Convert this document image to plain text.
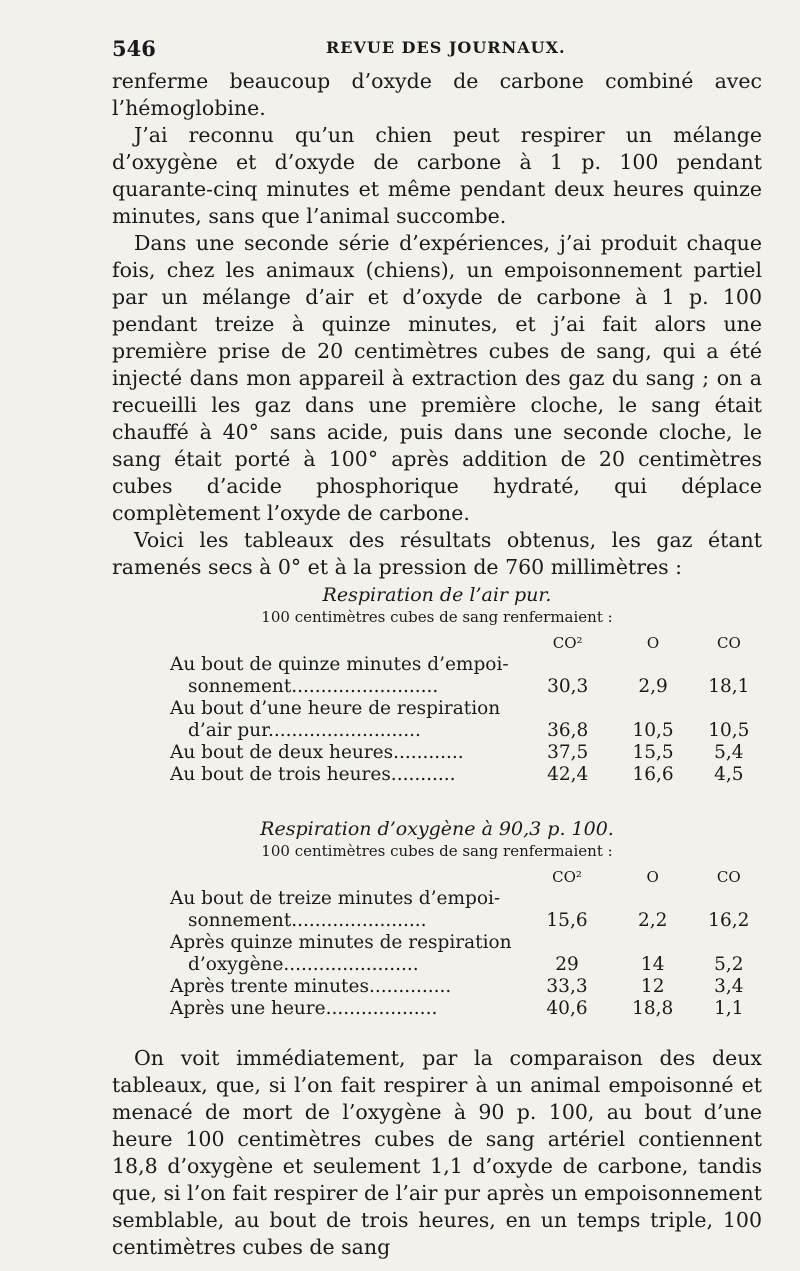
546	REVUE DES JOURNAUX.

renferme beaucoup d’oxyde de carbone combiné avec l’hémoglobine.

J’ai reconnu qu’un chien peut respirer un mélange d’oxygène et d’oxyde de carbone à 1 p. 100 pendant quarante-cinq minutes et même pendant deux heures quinze minutes, sans que l’animal succombe.

Dans une seconde série d’expériences, j’ai produit chaque fois, chez les animaux (chiens), un empoisonnement partiel par un mélange d’air et d’oxyde de carbone à 1 p. 100 pendant treize à quinze minutes, et j’ai fait alors une première prise de 20 centimètres cubes de sang, qui a été injecté dans mon appareil à extraction des gaz du sang ; on a recueilli les gaz dans une première cloche, le sang était chauffé à 40° sans acide, puis dans une seconde cloche, le sang était porté à 100° après addition de 20 centimètres cubes d’acide phosphorique hydraté, qui déplace complètement l’oxyde de carbone.

Voici les tableaux des résultats obtenus, les gaz étant ramenés secs à 0° et à la pression de 760 millimètres :

Respiration de l’air pur.

100 centimètres cubes de sang renfermaient :

	CO²	O	CO
Au bout de quinze minutes d’empoi-			
sonnement.........................	30,3	2,9	18,1
Au bout d’une heure de respiration			
d’air pur..........................	36,8	10,5	10,5
Au bout de deux heures............	37,5	15,5	5,4
Au bout de trois heures...........	42,4	16,6	4,5

Respiration d’oxygène à 90,3 p. 100.

100 centimètres cubes de sang renfermaient :

	CO²	O	CO
Au bout de treize minutes d’empoi-			
sonnement.......................	15,6	2,2	16,2
Après quinze minutes de respiration			
d’oxygène.......................	29	14	5,2
Après trente minutes..............	33,3	12	3,4
Après une heure...................	40,6	18,8	1,1

On voit immédiatement, par la comparaison des deux tableaux, que, si l’on fait respirer à un animal empoisonné et menacé de mort de l’oxygène à 90 p. 100, au bout d’une heure 100 centimètres cubes de sang artériel contiennent 18,8 d’oxygène et seulement 1,1 d’oxyde de carbone, tandis que, si l’on fait respirer de l’air pur après un empoisonnement semblable, au bout de trois heures, en un temps triple, 100 centimètres cubes de sang
